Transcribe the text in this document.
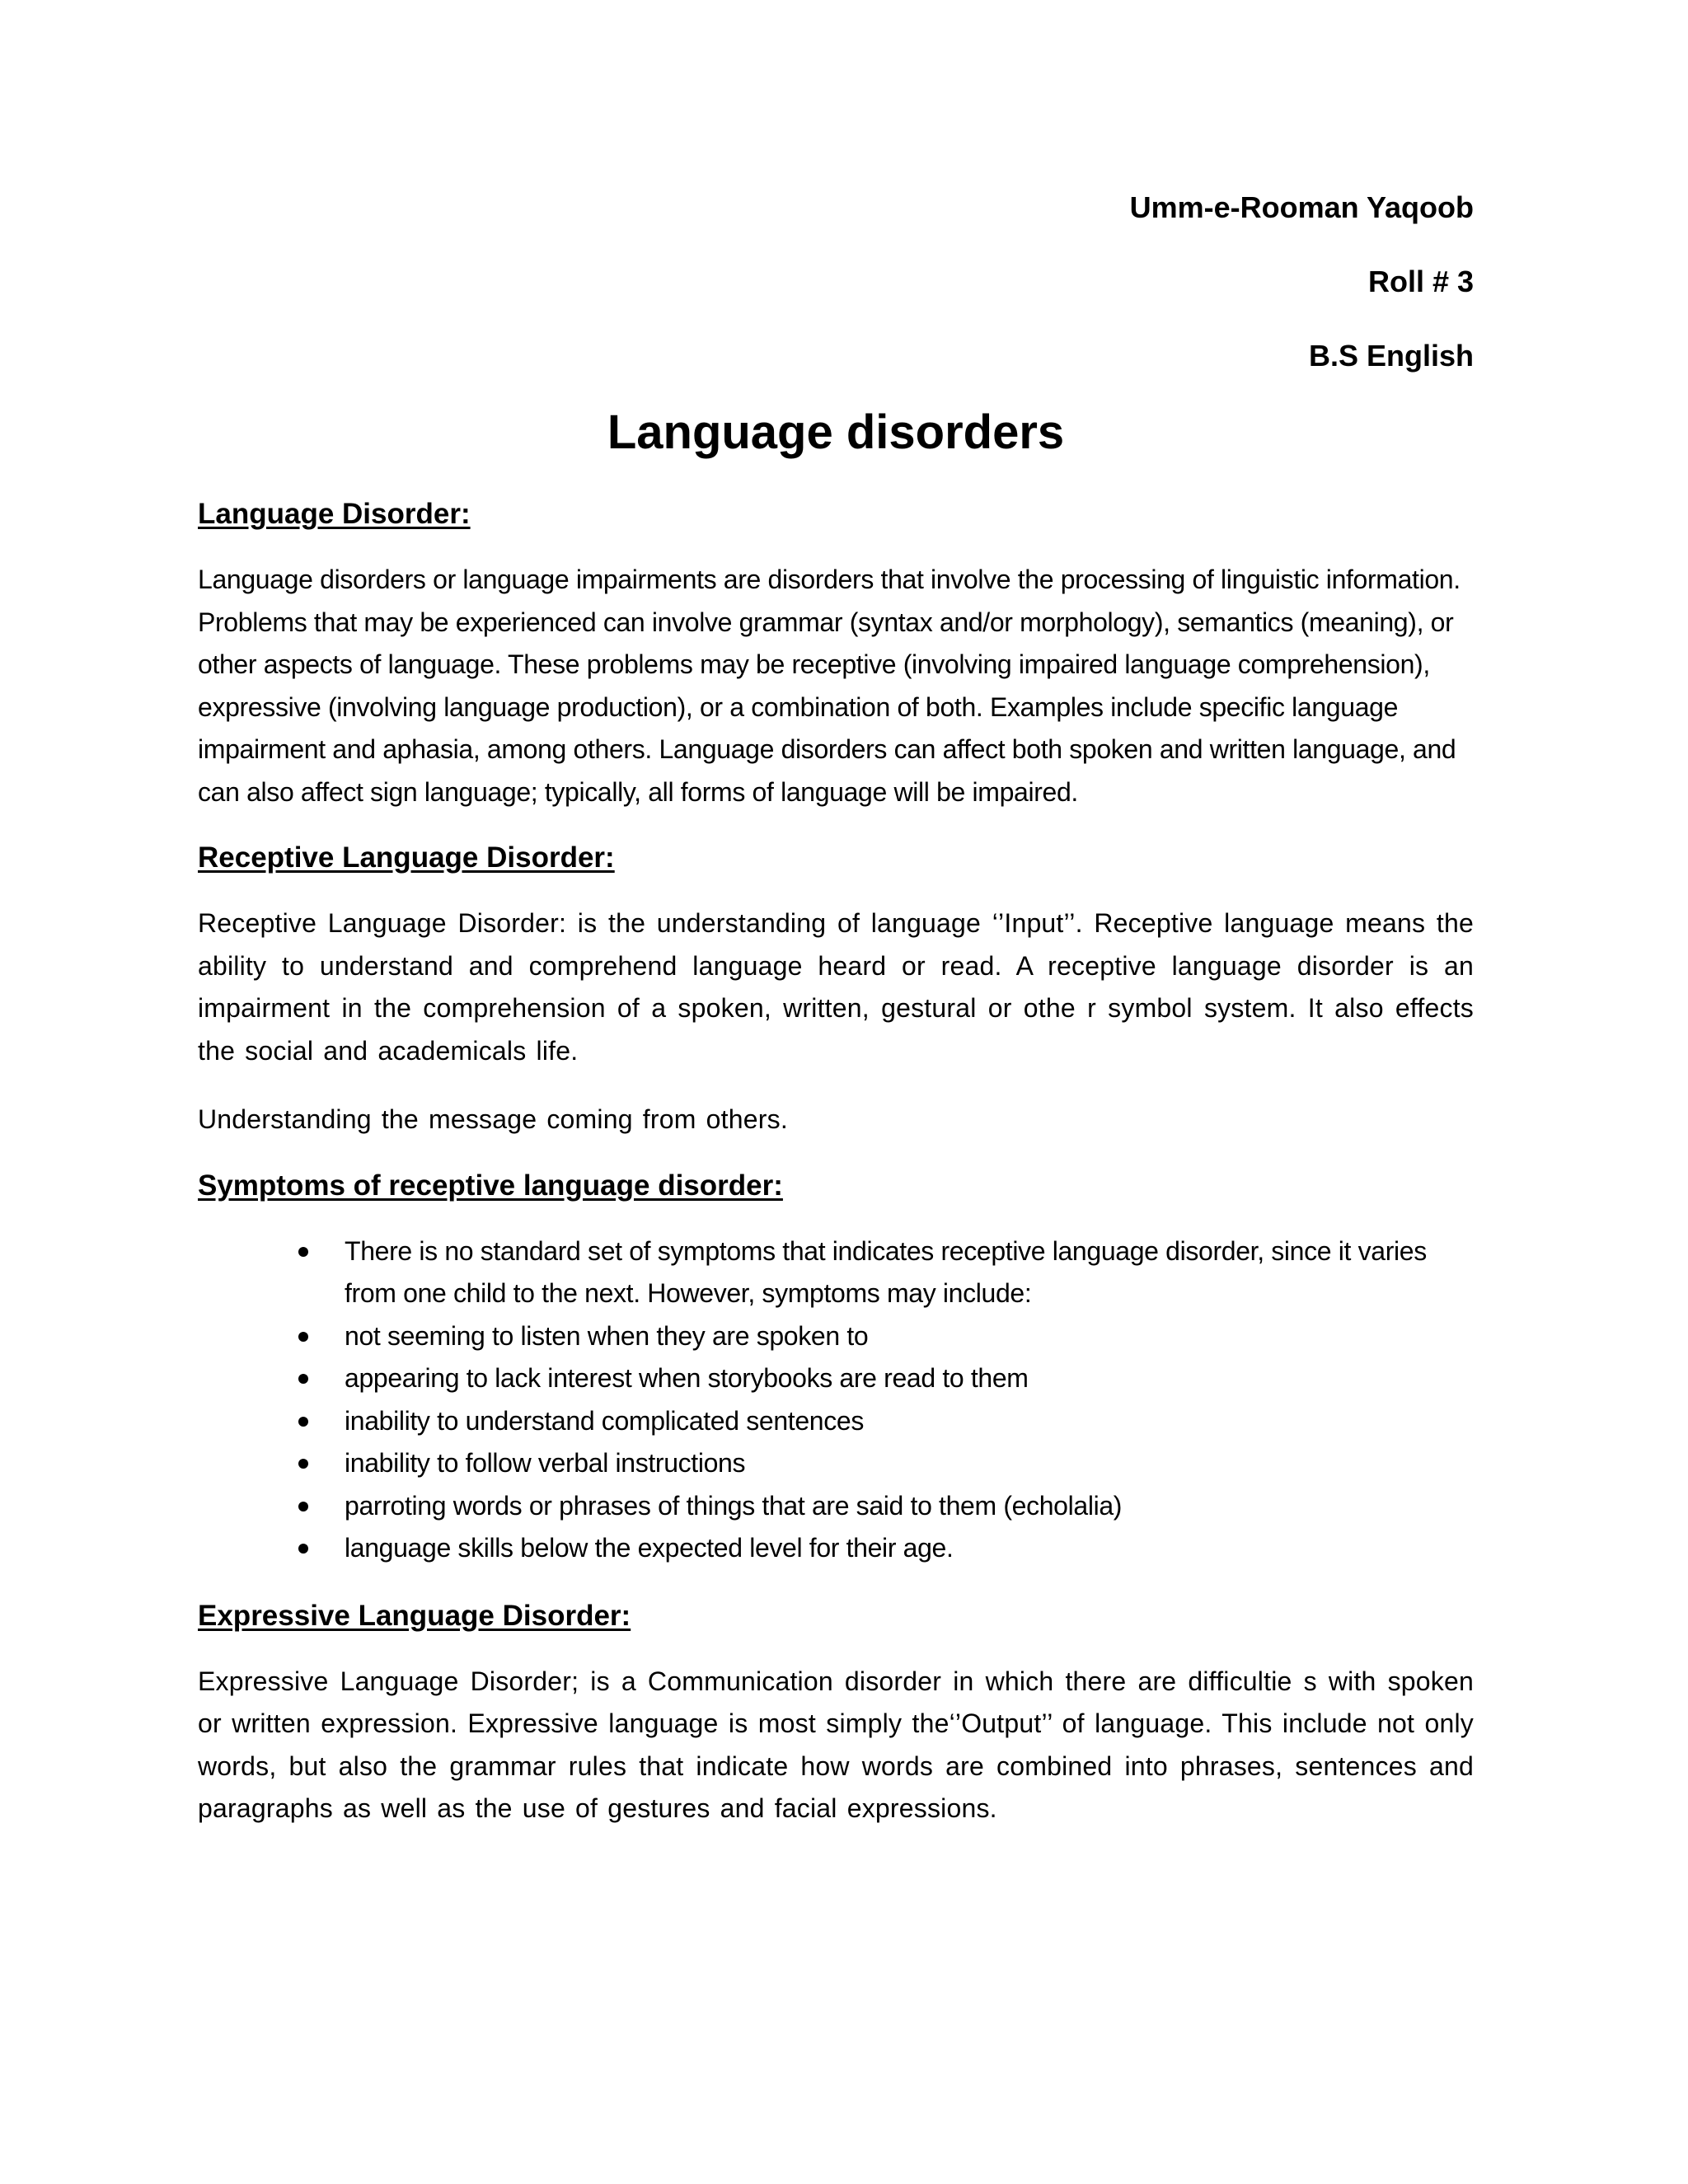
Umm-e-Rooman Yaqoob
Roll # 3
B.S English
Language disorders
Language Disorder:

Language disorders or language impairments are disorders that involve the processing of linguistic information. Problems that may be experienced can involve grammar (syntax and/or morphology), semantics (meaning), or other aspects of language. These problems may be receptive (involving impaired language comprehension), expressive (involving language production), or a combination of both. Examples include specific language impairment and aphasia, among others. Language disorders can affect both spoken and written language, and can also affect sign language; typically, all forms of language will be impaired.

Receptive Language Disorder:

Receptive Language Disorder: is the understanding of language ‘’Input’’. Receptive language means the ability to understand and comprehend language heard or read. A receptive language disorder is an impairment in the comprehension of a spoken, written, gestural or othe r symbol system. It also effects the social and academicals life.

Understanding the message coming from others.

Symptoms of receptive language disorder:
There is no standard set of symptoms that indicates receptive language disorder, since it varies from one child to the next. However, symptoms may include:
not seeming to listen when they are spoken to
appearing to lack interest when storybooks are read to them
inability to understand complicated sentences
inability to follow verbal instructions
parroting words or phrases of things that are said to them (echolalia)
language skills below the expected level for their age.
Expressive Language Disorder:

Expressive Language Disorder; is a Communication disorder in which there are difficultie s with spoken or written expression. Expressive language is most simply the‘’Output’’ of language. This include not only words, but also the grammar rules that indicate how words are combined into phrases, sentences and paragraphs as well as the use of gestures and facial expressions.
